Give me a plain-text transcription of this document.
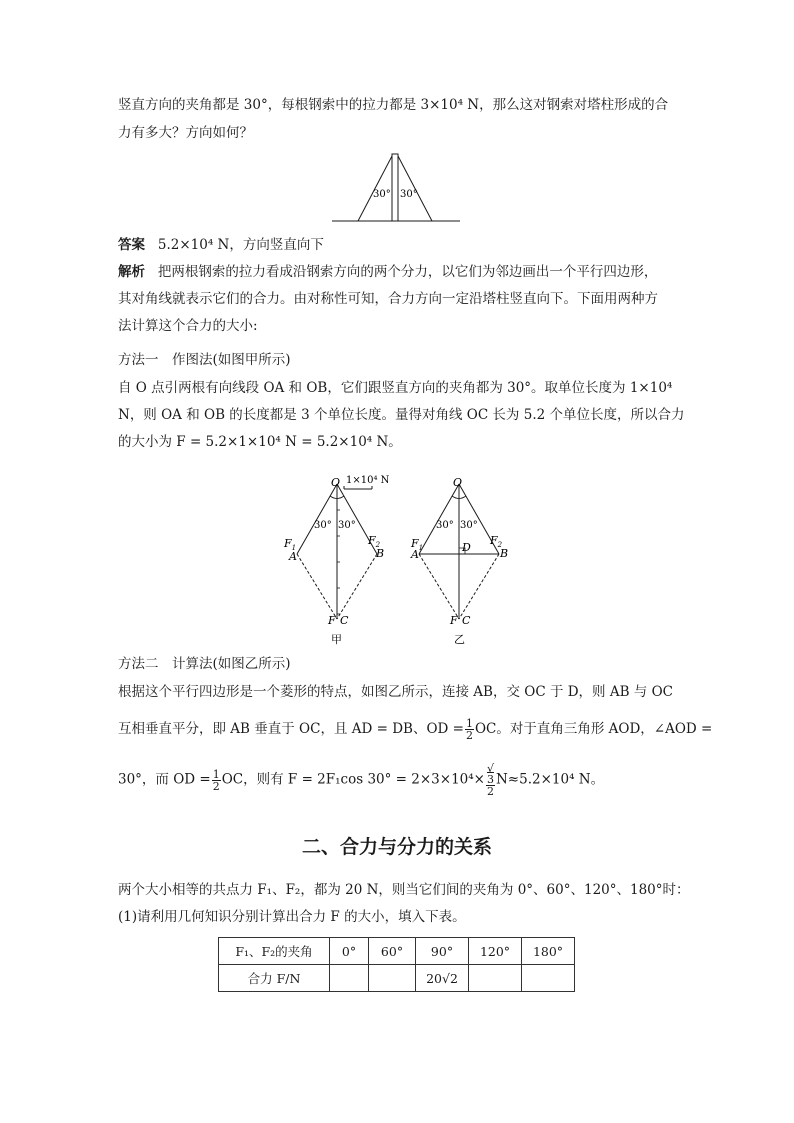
竖直方向的夹角都是 30°，每根钢索中的拉力都是 3×10⁴ N，那么这对钢索对塔柱形成的合
力有多大？方向如何？
30° 30°
答案 5.2×10⁴ N，方向竖直向下
解析 把两根钢索的拉力看成沿钢索方向的两个分力，以它们为邻边画出一个平行四边形，
其对角线就表示它们的合力。由对称性可知，合力方向一定沿塔柱竖直向下。下面用两种方
法计算这个合力的大小:
方法一　作图法(如图甲所示)
自 O 点引两根有向线段 OA 和 OB，它们跟竖直方向的夹角都为 30°。取单位长度为 1×10⁴
N，则 OA 和 OB 的长度都是 3 个单位长度。量得对角线 OC 长为 5.2 个单位长度，所以合力
的大小为 F = 5.2×1×10⁴ N = 5.2×10⁴ N。
1×10⁴ N
O
30° 30°
$F_1$
A
$F_2$
B
F C
甲
O
30° 30°
$F_1$
A
D
$F_2$
B
F C
乙
方法二　计算法(如图乙所示)
根据这个平行四边形是一个菱形的特点，如图乙所示，连接 AB，交 OC 于 D，则 AB 与 OC
互相垂直平分，即 AB 垂直于 OC，且 AD = DB、OD = $\frac{1}{2}$ OC。对于直角三角形 AOD，∠AOD =
30°，而 OD = $\frac{1}{2}$ OC，则有 F = 2F₁cos 30° = 2×3×10⁴× √
3
2 N≈5.2×10⁴ N。
二、合力与分力的关系
两个大小相等的共点力 F₁、F₂，都为 20 N，则当它们间的夹角为 0°、60°、120°、180°时：
(1)请利用几何知识分别计算出合力 F 的大小，填入下表。
F₁、F₂的夹角	0°	60°	90°	120°	180°
合力 F/N			20√2		
